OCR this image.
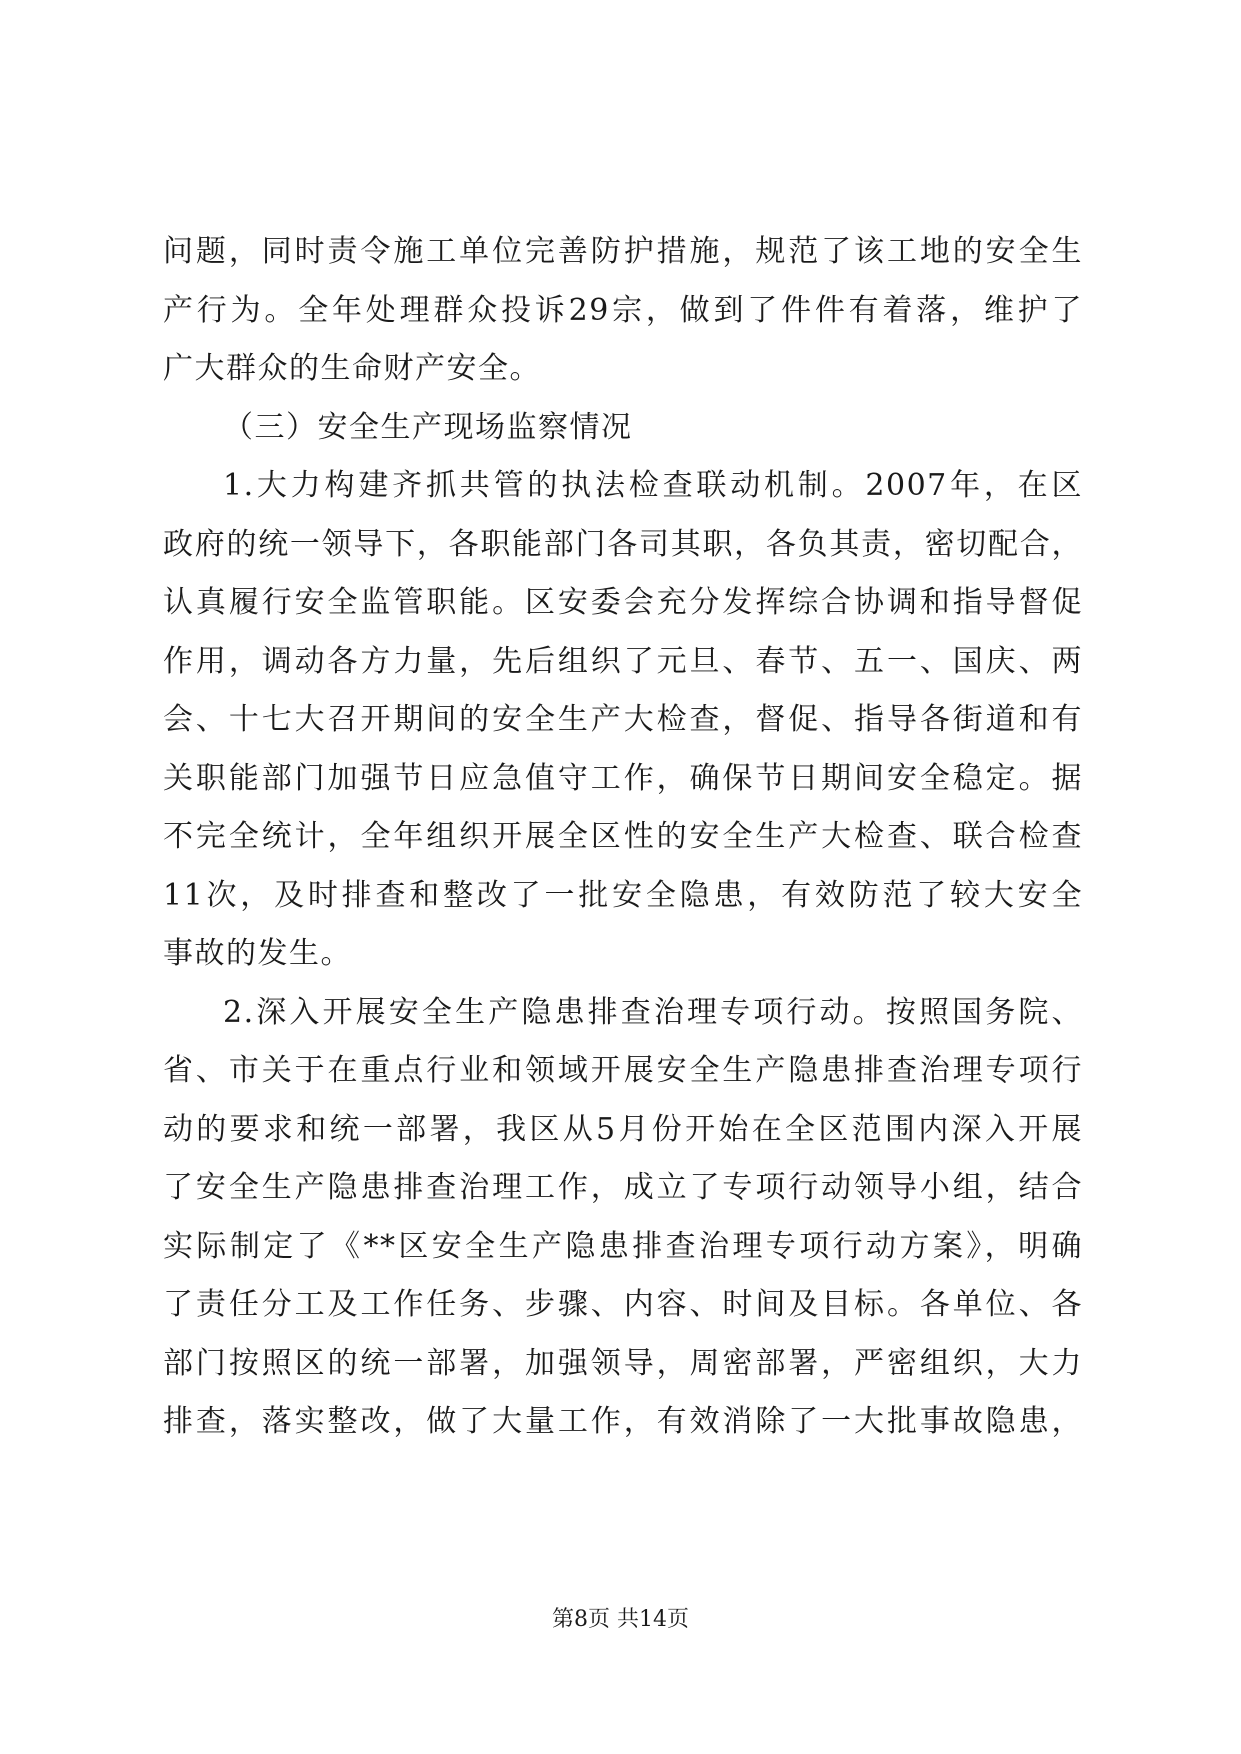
问题，同时责令施工单位完善防护措施，规范了该工地的安全生
产行为。全年处理群众投诉29宗，做到了件件有着落，维护了
广大群众的生命财产安全。
（三）安全生产现场监察情况
1.大力构建齐抓共管的执法检查联动机制。2007年，在区
政府的统一领导下，各职能部门各司其职，各负其责，密切配合，
认真履行安全监管职能。区安委会充分发挥综合协调和指导督促
作用，调动各方力量，先后组织了元旦、春节、五一、国庆、两
会、十七大召开期间的安全生产大检查，督促、指导各街道和有
关职能部门加强节日应急值守工作，确保节日期间安全稳定。据
不完全统计，全年组织开展全区性的安全生产大检查、联合检查
11次，及时排查和整改了一批安全隐患，有效防范了较大安全
事故的发生。
2.深入开展安全生产隐患排查治理专项行动。按照国务院、
省、市关于在重点行业和领域开展安全生产隐患排查治理专项行
动的要求和统一部署，我区从5月份开始在全区范围内深入开展
了安全生产隐患排查治理工作，成立了专项行动领导小组，结合
实际制定了《**区安全生产隐患排查治理专项行动方案》，明确
了责任分工及工作任务、步骤、内容、时间及目标。各单位、各
部门按照区的统一部署，加强领导，周密部署，严密组织，大力
排查，落实整改，做了大量工作，有效消除了一大批事故隐患，
第8页 共14页
